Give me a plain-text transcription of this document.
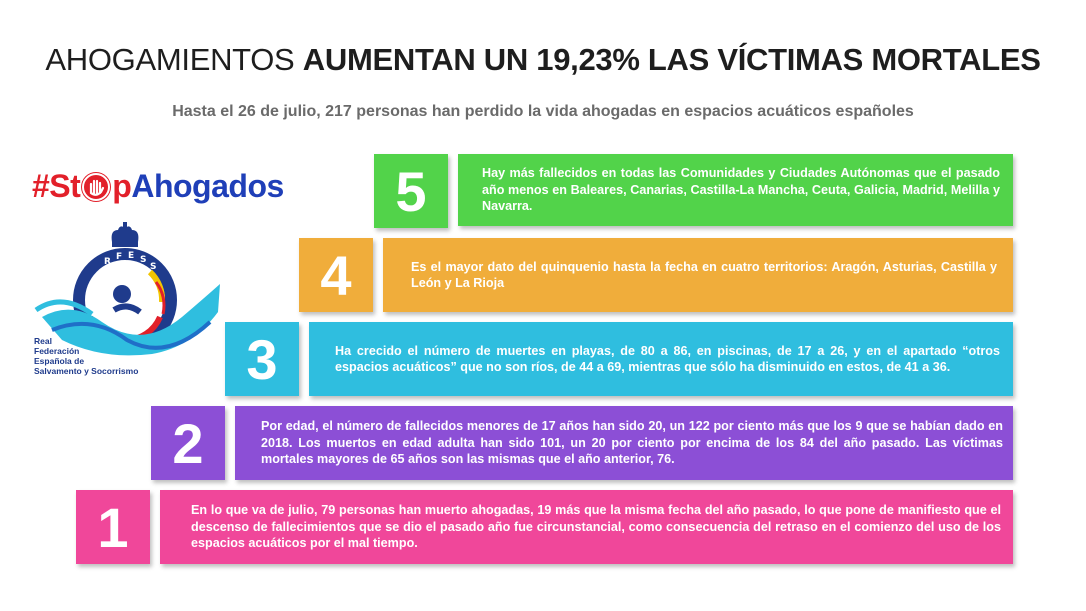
AHOGAMIENTOS AUMENTAN UN 19,23% LAS VÍCTIMAS MORTALES
Hasta el 26 de julio, 217 personas han perdido la vida ahogadas en espacios acuáticos españoles
#St pAhogados
R F E S
S
Real
Federación
Española de
Salvamento y Socorrismo
5	Hay más fallecidos en todas las Comunidades y Ciudades Autónomas que el pasado año menos en Baleares, Canarias, Castilla-La Mancha, Ceuta, Galicia, Madrid, Melilla y Navarra.

4	Es el mayor dato del quinquenio hasta la fecha en cuatro territorios: Aragón, Asturias, Castilla y León y La Rioja

3	Ha crecido el número de muertes en playas, de 80 a 86, en piscinas, de 17 a 26, y en el apartado “otros espacios acuáticos” que no son ríos, de 44 a 69, mientras que sólo ha disminuido en estos, de 41 a 36.

2	Por edad, el número de fallecidos menores de 17 años han sido 20, un 122 por ciento más que los 9 que se habían dado en 2018. Los muertos en edad adulta han sido 101, un 20 por ciento por encima de los 84 del año pasado. Las víctimas mortales mayores de 65 años son las mismas que el año anterior, 76.

1	En lo que va de julio, 79 personas han muerto ahogadas, 19 más que la misma fecha del año pasado, lo que pone de manifiesto que el descenso de fallecimientos que se dio el pasado año fue circunstancial, como consecuencia del retraso en el comienzo del uso de los espacios acuáticos por el mal tiempo.
